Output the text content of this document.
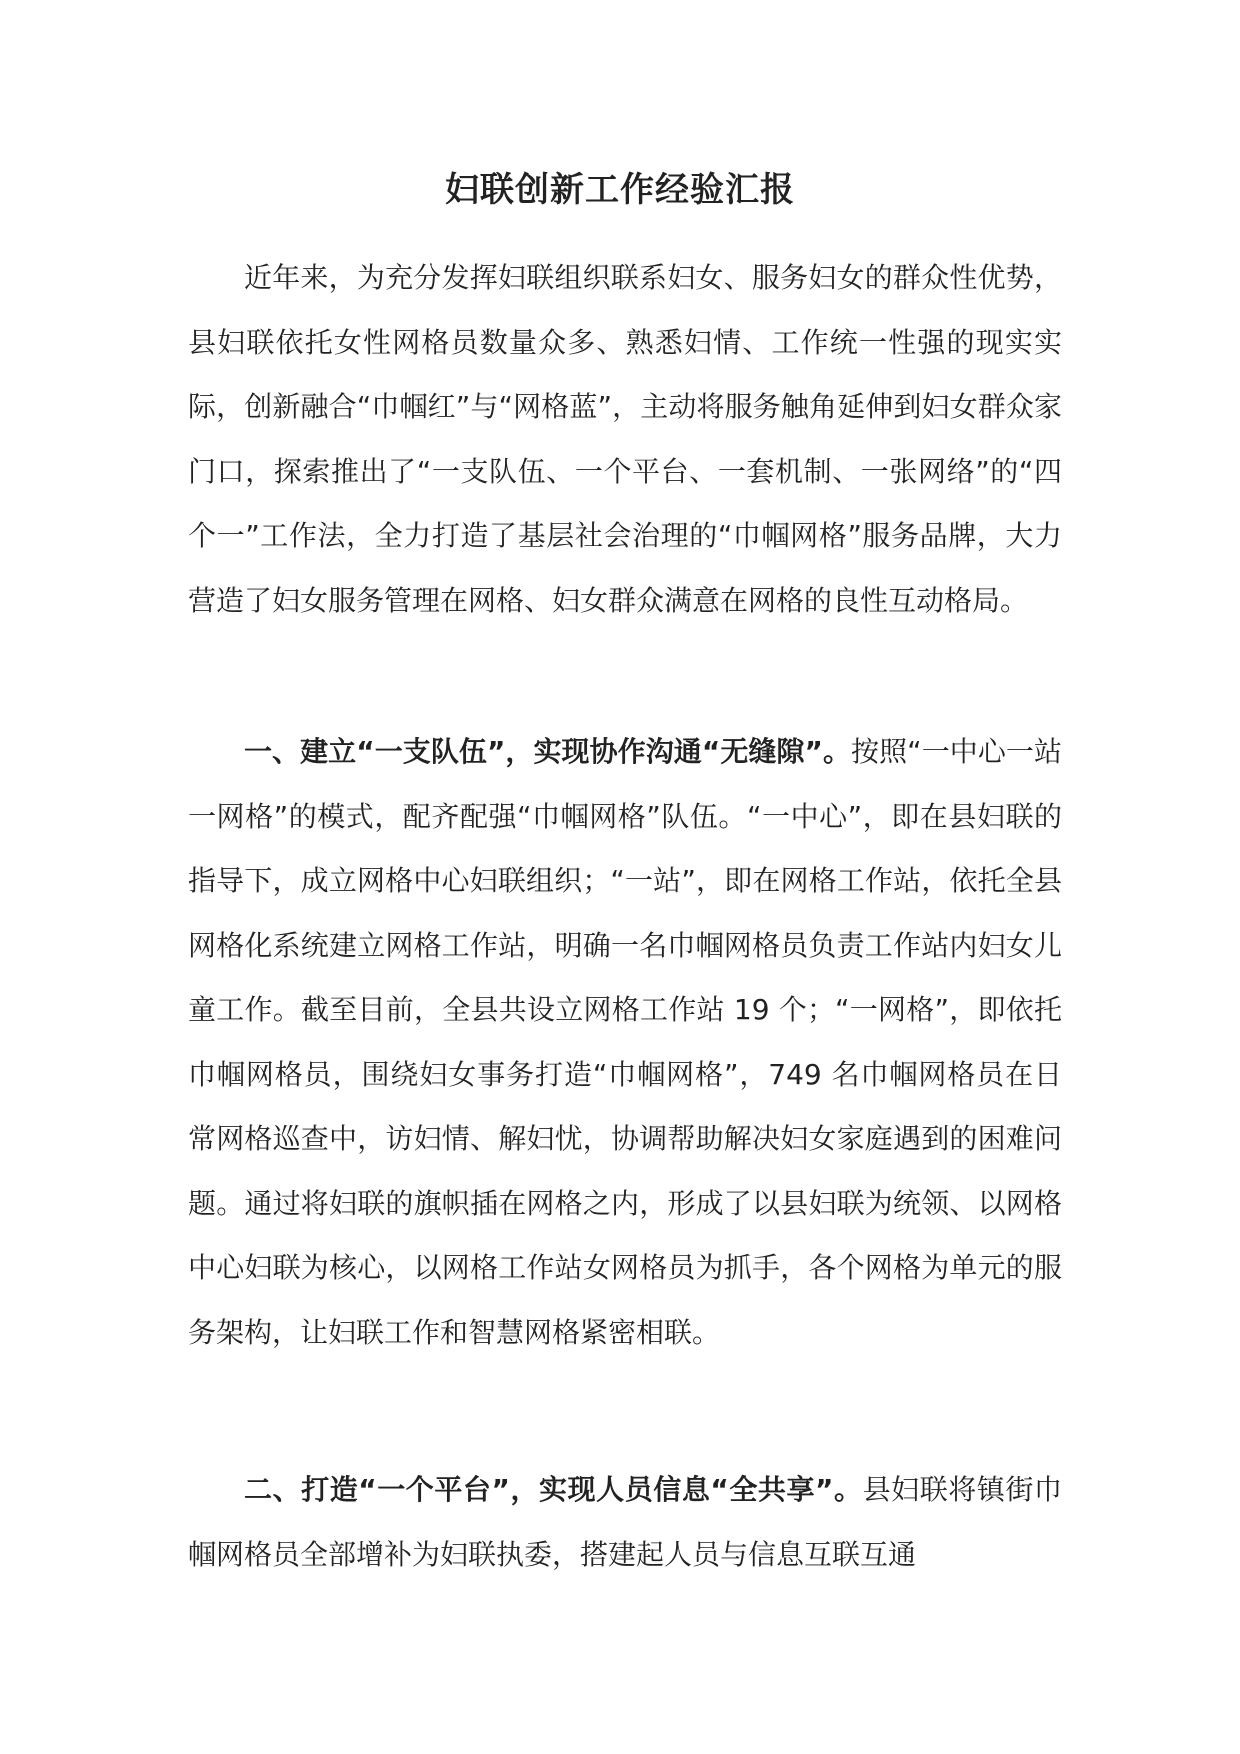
妇联创新工作经验汇报

近年来，为充分发挥妇联组织联系妇女、服务妇女的群众性优势，县妇联依托女性网格员数量众多、熟悉妇情、工作统一性强的现实实际，创新融合“巾帼红”与“网格蓝”，主动将服务触角延伸到妇女群众家门口，探索推出了“一支队伍、一个平台、一套机制、一张网络”的“四个一”工作法，全力打造了基层社会治理的“巾帼网格”服务品牌，大力营造了妇女服务管理在网格、妇女群众满意在网格的良性互动格局。

一、建立“一支队伍”，实现协作沟通“无缝隙”。按照“一中心一站一网格”的模式，配齐配强“巾帼网格”队伍。“一中心”，即在县妇联的指导下，成立网格中心妇联组织；“一站”，即在网格工作站，依托全县网格化系统建立网格工作站，明确一名巾帼网格员负责工作站内妇女儿童工作。截至目前，全县共设立网格工作站 19 个；“一网格”，即依托巾帼网格员，围绕妇女事务打造“巾帼网格”，749 名巾帼网格员在日常网格巡查中，访妇情、解妇忧，协调帮助解决妇女家庭遇到的困难问题。通过将妇联的旗帜插在网格之内，形成了以县妇联为统领、以网格中心妇联为核心，以网格工作站女网格员为抓手，各个网格为单元的服务架构，让妇联工作和智慧网格紧密相联。

二、打造“一个平台”，实现人员信息“全共享”。县妇联将镇街巾帼网格员全部增补为妇联执委，搭建起人员与信息互联互通
